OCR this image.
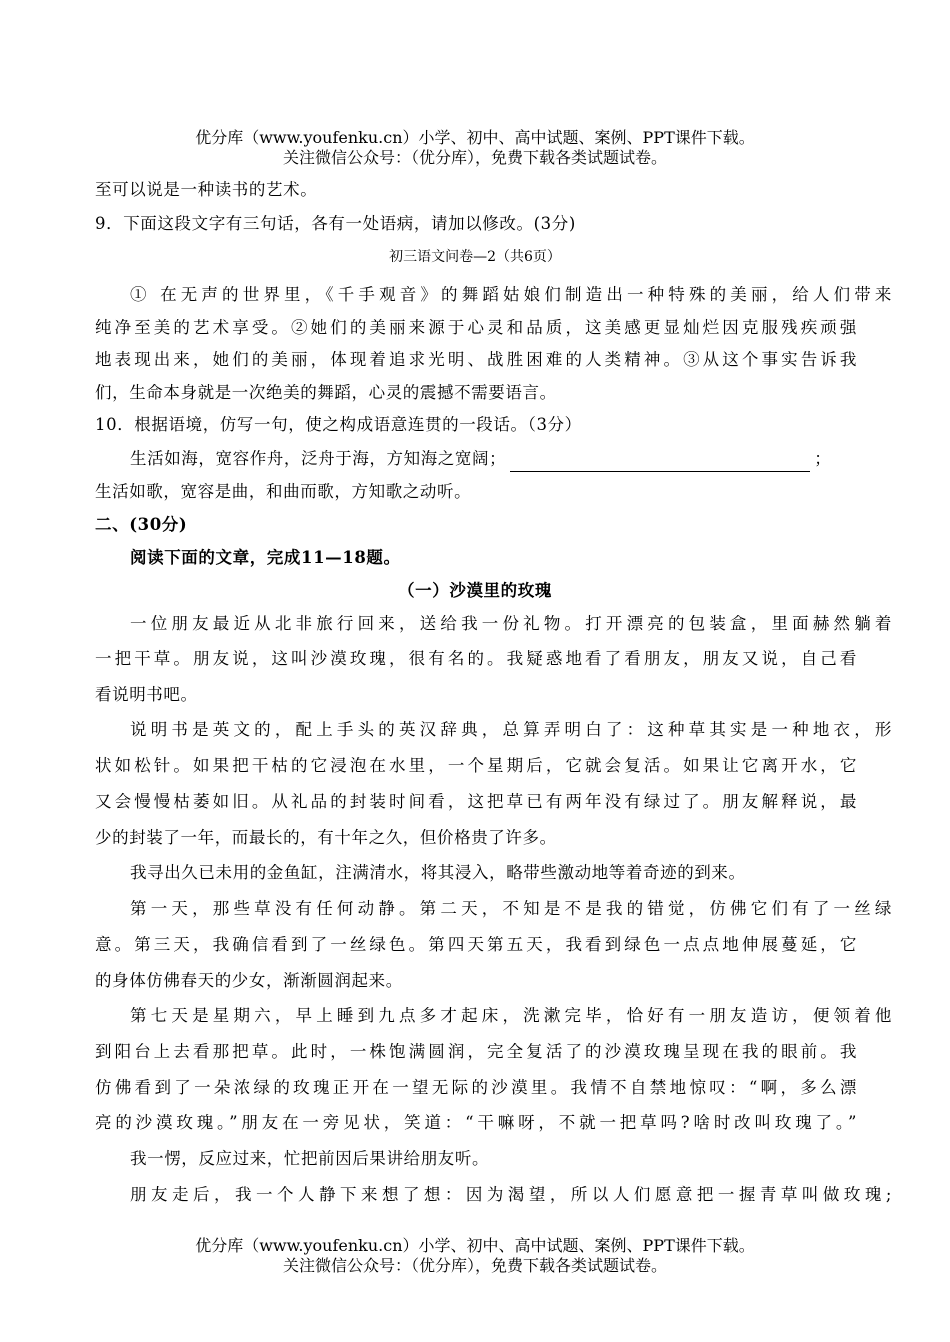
优分库（www.youfenku.cn）小学、初中、高中试题、案例、PPT课件下载。
关注微信公众号：（优分库），免费下载各类试题试卷。
至可以说是一种读书的艺术。
9．下面这段文字有三句话，各有一处语病，请加以修改。(3分)
初三语文问卷—2（共6页）
① 在无声的世界里，《千手观音》的舞蹈姑娘们制造出一种特殊的美丽，给人们带来
纯净至美的艺术享受。②她们的美丽来源于心灵和品质，这美感更显灿烂因克服残疾顽强
地表现出来，她们的美丽，体现着追求光明、战胜困难的人类精神。③从这个事实告诉我
们，生命本身就是一次绝美的舞蹈，心灵的震撼不需要语言。
10．根据语境，仿写一句，使之构成语意连贯的一段话。（3分）
生活如海，宽容作舟，泛舟于海，方知海之宽阔；	；
生活如歌，宽容是曲，和曲而歌，方知歌之动听。
二、(30分)
阅读下面的文章，完成11—18题。
（一）沙漠里的玫瑰
一位朋友最近从北非旅行回来，送给我一份礼物。打开漂亮的包装盒，里面赫然躺着
一把干草。朋友说，这叫沙漠玫瑰，很有名的。我疑惑地看了看朋友，朋友又说，自己看
看说明书吧。
说明书是英文的，配上手头的英汉辞典，总算弄明白了：这种草其实是一种地衣，形
状如松针。如果把干枯的它浸泡在水里，一个星期后，它就会复活。如果让它离开水，它
又会慢慢枯萎如旧。从礼品的封装时间看，这把草已有两年没有绿过了。朋友解释说，最
少的封装了一年，而最长的，有十年之久，但价格贵了许多。
我寻出久已未用的金鱼缸，注满清水，将其浸入，略带些激动地等着奇迹的到来。
第一天，那些草没有任何动静。第二天，不知是不是我的错觉，仿佛它们有了一丝绿
意。第三天，我确信看到了一丝绿色。第四天第五天，我看到绿色一点点地伸展蔓延，它
的身体仿佛春天的少女，渐渐圆润起来。
第七天是星期六，早上睡到九点多才起床，洗漱完毕，恰好有一朋友造访，便领着他
到阳台上去看那把草。此时，一株饱满圆润，完全复活了的沙漠玫瑰呈现在我的眼前。我
仿佛看到了一朵浓绿的玫瑰正开在一望无际的沙漠里。我情不自禁地惊叹：“啊，多么漂
亮的沙漠玫瑰。”朋友在一旁见状，笑道：“干嘛呀，不就一把草吗?啥时改叫玫瑰了。”
我一愣，反应过来，忙把前因后果讲给朋友听。
朋友走后，我一个人静下来想了想：因为渴望，所以人们愿意把一握青草叫做玫瑰;
优分库（www.youfenku.cn）小学、初中、高中试题、案例、PPT课件下载。
关注微信公众号：（优分库），免费下载各类试题试卷。
